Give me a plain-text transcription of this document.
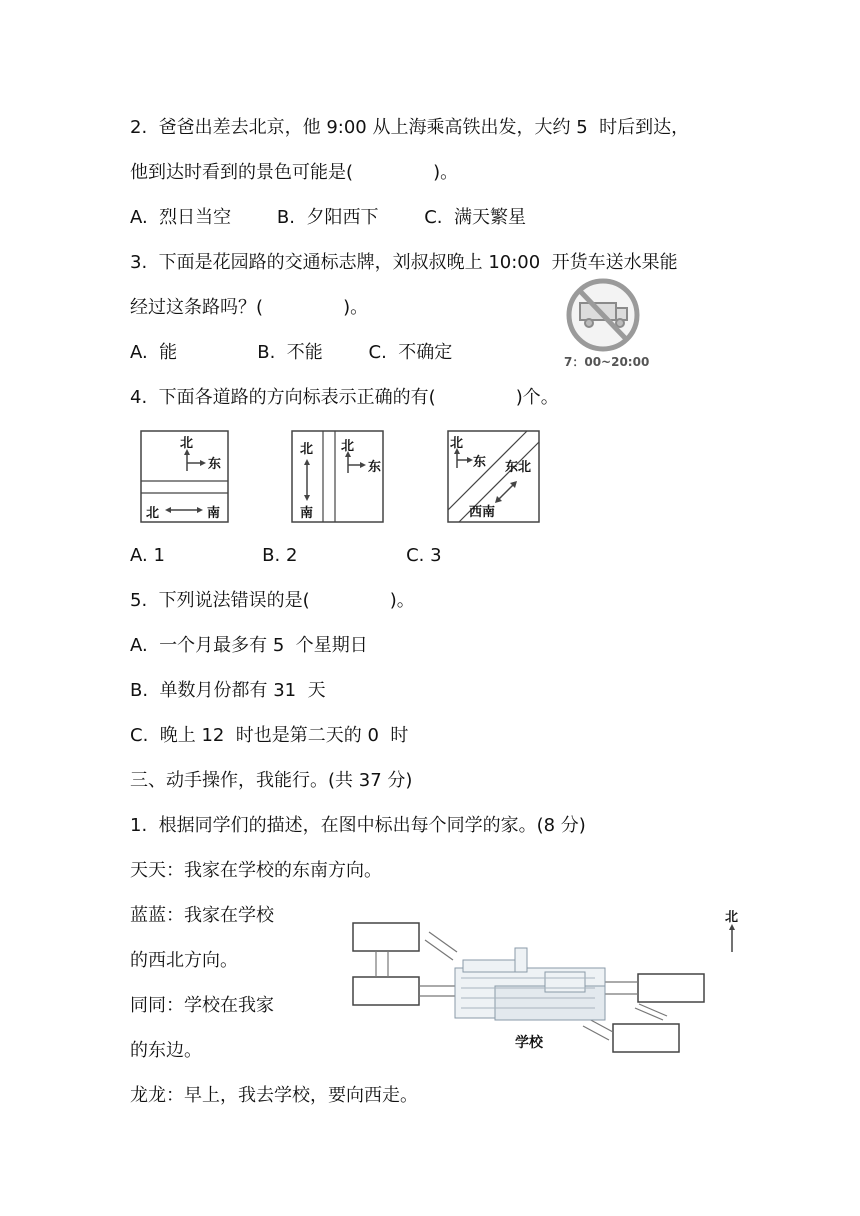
2.  爸爸出差去北京，他 9:00 从上海乘高铁出发，大约 5  时后到达，
他到达时看到的景色可能是(              )。
A.  烈日当空        B.  夕阳西下        C.  满天繁星
3.  下面是花园路的交通标志牌，刘叔叔晚上 10:00  开货车送水果能
经过这条路吗？(              )。
A.  能              B.  不能        C.  不确定	7：00~20:00
4.  下面各道路的方向标表示正确的有(              )个。
北
东
北	南
北
南
北
东
北
东 东北
西南
A. 1                 B. 2                   C. 3
5.  下列说法错误的是(              )。
A.  一个月最多有 5  个星期日
B.  单数月份都有 31  天
C.  晚上 12  时也是第二天的 0  时
三、动手操作，我能行。(共 37 分)
1.  根据同学们的描述，在图中标出每个同学的家。(8 分)
天天：我家在学校的东南方向。
蓝蓝：我家在学校
的西北方向。
同同：学校在我家
的东边。
龙龙：早上，我去学校，要向西走。
北
学校
